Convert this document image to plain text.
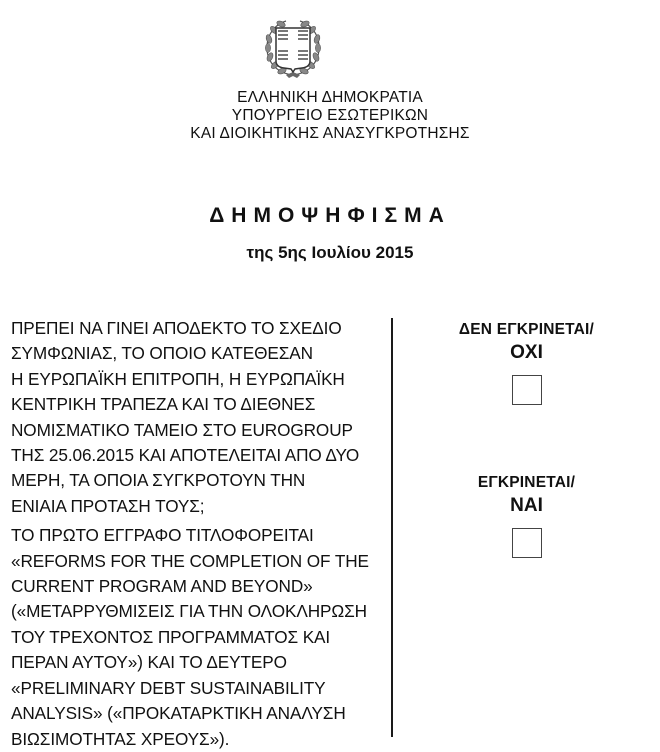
ΕΛΛΗΝΙΚΗ ΔΗΜΟΚΡΑΤΙΑ
ΥΠΟΥΡΓΕΙΟ ΕΣΩΤΕΡΙΚΩΝ
ΚΑΙ ΔΙΟΙΚΗΤΙΚΗΣ ΑΝΑΣΥΓΚΡΟΤΗΣΗΣ
ΔΗΜΟΨΗΦΙΣΜΑ
της 5ης Ιουλίου 2015

ΠΡΕΠΕΙ ΝΑ ΓΙΝΕΙ ΑΠΟΔΕΚΤΟ ΤΟ ΣΧΕΔΙΟ

ΣΥΜΦΩΝΙΑΣ, ΤΟ ΟΠΟΙΟ ΚΑΤΕΘΕΣΑΝ

Η ΕΥΡΩΠΑΪΚΗ ΕΠΙΤΡΟΠΗ, Η ΕΥΡΩΠΑΪΚΗ

ΚΕΝΤΡΙΚΗ ΤΡΑΠΕΖΑ ΚΑΙ ΤΟ ΔΙΕΘΝΕΣ

ΝΟΜΙΣΜΑΤΙΚΟ ΤΑΜΕΙΟ ΣΤΟ EUROGROUP

ΤΗΣ 25.06.2015 ΚΑΙ ΑΠΟΤΕΛΕΙΤΑΙ ΑΠΟ ΔΥΟ

ΜΕΡΗ, ΤΑ ΟΠΟΙΑ ΣΥΓΚΡΟΤΟΥΝ ΤΗΝ

ΕΝΙΑΙΑ ΠΡΟΤΑΣΗ ΤΟΥΣ;

ΤΟ ΠΡΩΤΟ ΕΓΓΡΑΦΟ ΤΙΤΛΟΦΟΡΕΙΤΑΙ

«REFORMS FOR THE COMPLETION OF THE

CURRENT PROGRAM AND BEYOND»

(«ΜΕΤΑΡΡΥΘΜΙΣΕΙΣ ΓΙΑ ΤΗΝ ΟΛΟΚΛΗΡΩΣΗ

ΤΟΥ ΤΡΕΧΟΝΤΟΣ ΠΡΟΓΡΑΜΜΑΤΟΣ ΚΑΙ

ΠΕΡΑΝ ΑΥΤΟΥ») ΚΑΙ ΤΟ ΔΕΥΤΕΡΟ

«PRELIMINARY DEBT SUSTAINABILITY

ANALYSIS» («ΠΡΟΚΑΤΑΡΚΤΙΚΗ ΑΝΑΛΥΣΗ

ΒΙΩΣΙΜΟΤΗΤΑΣ ΧΡΕΟΥΣ»).

ΔΕΝ ΕΓΚΡΙΝΕΤΑΙ/
ΟΧΙ
ΕΓΚΡΙΝΕΤΑΙ/
ΝΑΙ
